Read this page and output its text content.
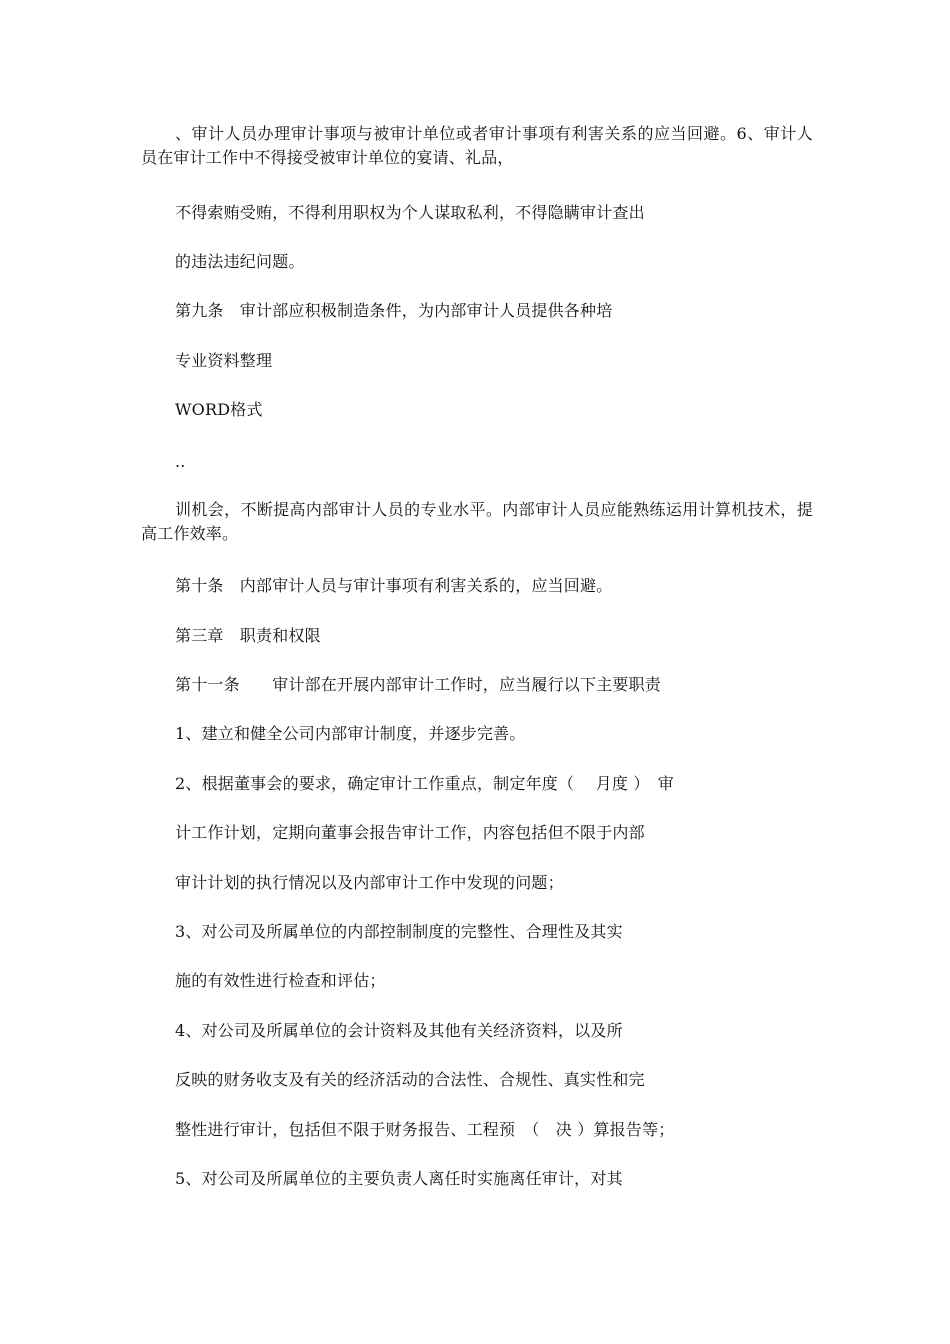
、审计人员办理审计事项与被审计单位或者审计事项有利害关系的应当回避。6、审计人员在审计工作中不得接受被审计单位的宴请、礼品，

不得索贿受贿，不得利用职权为个人谋取私利，不得隐瞒审计查出

的违法违纪问题。

第九条　审计部应积极制造条件，为内部审计人员提供各种培

专业资料整理

WORD格式

..

训机会，不断提高内部审计人员的专业水平。内部审计人员应能熟练运用计算机技术，提高工作效率。

第十条　内部审计人员与审计事项有利害关系的，应当回避。

第三章　职责和权限

第十一条　　审计部在开展内部审计工作时，应当履行以下主要职责

1、建立和健全公司内部审计制度，并逐步完善。

2、根据董事会的要求，确定审计工作重点，制定年度（　 月度 ）　审

计工作计划，定期向董事会报告审计工作，内容包括但不限于内部

审计计划的执行情况以及内部审计工作中发现的问题；

3、对公司及所属单位的内部控制制度的完整性、合理性及其实

施的有效性进行检查和评估；

4、对公司及所属单位的会计资料及其他有关经济资料，以及所

反映的财务收支及有关的经济活动的合法性、合规性、真实性和完

整性进行审计，包括但不限于财务报告、工程预　（　决 ）算报告等；

5、对公司及所属单位的主要负责人离任时实施离任审计，对其
